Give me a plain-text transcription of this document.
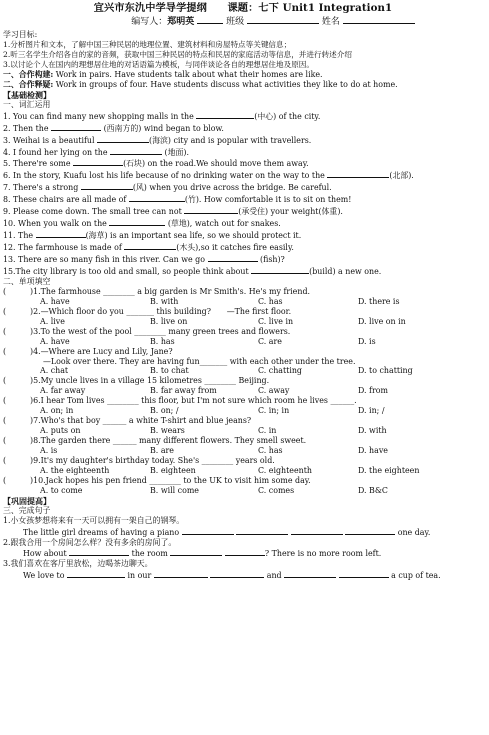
宜兴市东氿中学导学提纲　　课题：七下 Unit1 Integration1
编写人：郑明英	班级	姓名
学习目标:
1.分析图片和文本，了解中国三种民居的地理位置、建筑材料和房屋特点等关键信息；
2.听三名学生介绍各自的家的音频，获取中国三种民居的特点和民居的家庭活动等信息，并进行转述介绍
3.以讨论个人在国内的理想居住地的对话语篇为模板，与同伴谈论各自的理想居住地及原因。
一、合作构建: Work in pairs. Have students talk about what their homes are like.
二、合作释疑: Work in groups of four. Have students discuss what activities they like to do at home.
【基础检测】
一、词汇运用
1. You can find many new shopping malls in the	(中心) of the city.
2. Then the	(西南方的) wind began to blow.
3. Weihai is a beautiful	(海滨) city and is popular with travellers.
4. I found her lying on the	(地面).
5. There're some	(石块) on the road.We should move them away.
6. In the story, Kuafu lost his life because of no drinking water on the way to the	(北部).
7. There's a strong	(风) when you drive across the bridge. Be careful.
8. These chairs are all made of	(竹). How comfortable it is to sit on them!
9. Please come down. The small tree can not	(承受住) your weight(体重).
10. When you walk on the	(草地), watch out for snakes.
11. The	(海草) is an important sea life, so we should protect it.
12. The farmhouse is made of	(木头),so it catches fire easily.
13. There are so many fish in this river. Can we go	(fish)?
15.The city library is too old and small, so people think about	(build) a new one.
二、单项填空
(	)1.The farmhouse ________ a big garden is Mr Smith's. He's my friend.
A. have	B. with	C. has	D. there is
(	)2.—Which floor do you _______ this building?　　—The first floor.
A. live	B. live on	C. live in	D. live on in
(	)3.To the west of the pool ________ many green trees and flowers.
A. have	B. has	C. are	D. is
(	)4.—Where are Lucy and Lily, Jane?
—Look over there. They are having fun_______ with each other under the tree.
A. chat	B. to chat	C. chatting	D. to chatting
(	)5.My uncle lives in a village 15 kilometres ________ Beijing.
A. far away	B. far away from	C. away	D. from
(	)6.I hear Tom lives ________ this floor, but I'm not sure which room he lives ______.
A. on; in	B. on; /	C. in; in	D. in; /
(	)7.Who's that boy ______ a white T-shirt and blue jeans?
A. puts on	B. wears	C. in	D. with
(	)8.The garden there ______ many different flowers. They smell sweet.
A. is	B. are	C. has	D. have
(	)9.It's my daughter's birthday today. She's ________ years old.
A. the eighteenth	B. eighteen	C. eighteenth	D. the eighteen
(	)10.Jack hopes his pen friend ________ to the UK to visit him some day.
A. to come	B. will come	C. comes	D. B&C
【巩固提高】
三、完成句子
1.小女孩梦想将来有一天可以拥有一架自己的钢琴。
The little girl dreams of having a piano	one day.
2.跟我合用一个房间怎么样？没有多余的房间了。
How about	the room	? There is no more room left.
3.我们喜欢在客厅里放松，边喝茶边聊天。
We love to	in our	and	a cup of tea.
